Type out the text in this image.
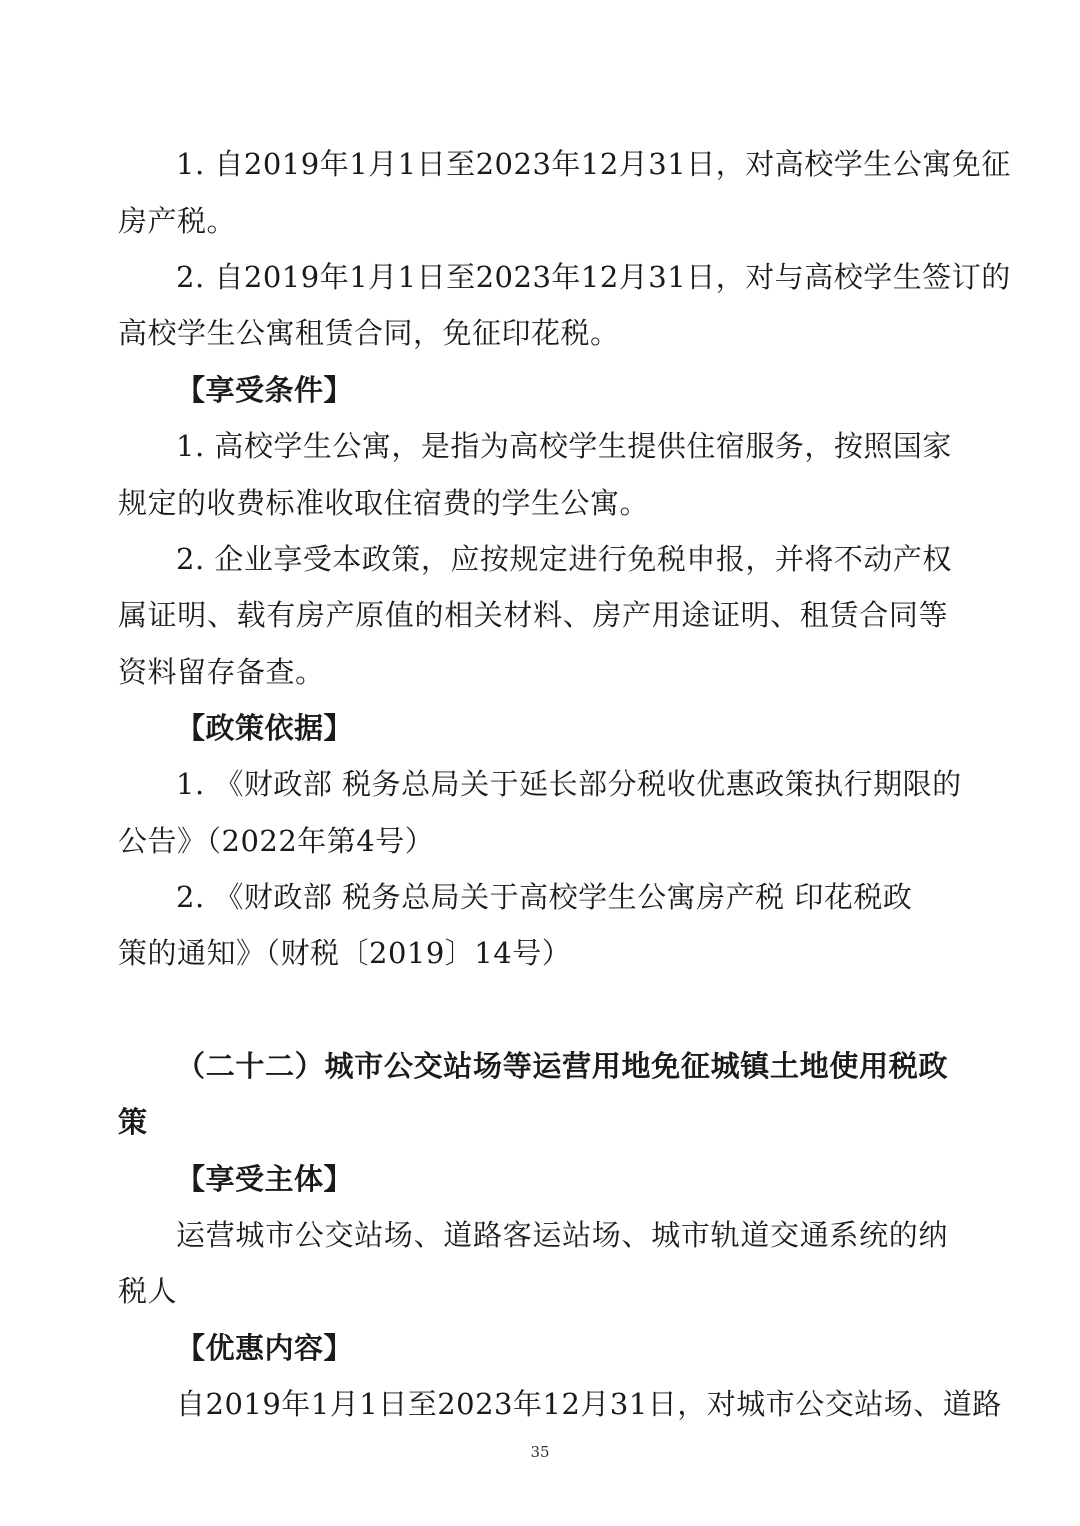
1. 自2019年1月1日至2023年12月31日，对高校学生公寓免征
房产税。
2. 自2019年1月1日至2023年12月31日，对与高校学生签订的
高校学生公寓租赁合同，免征印花税。
【享受条件】
1. 高校学生公寓，是指为高校学生提供住宿服务，按照国家
规定的收费标准收取住宿费的学生公寓。
2. 企业享受本政策，应按规定进行免税申报，并将不动产权
属证明、载有房产原值的相关材料、房产用途证明、租赁合同等
资料留存备查。
【政策依据】
1. 《财政部 税务总局关于延长部分税收优惠政策执行期限的
公告》（2022年第4号）
2. 《财政部 税务总局关于高校学生公寓房产税 印花税政
策的通知》（财税〔2019〕14号）
（二十二）城市公交站场等运营用地免征城镇土地使用税政
策
【享受主体】
运营城市公交站场、道路客运站场、城市轨道交通系统的纳
税人
【优惠内容】
自2019年1月1日至2023年12月31日，对城市公交站场、道路
35
